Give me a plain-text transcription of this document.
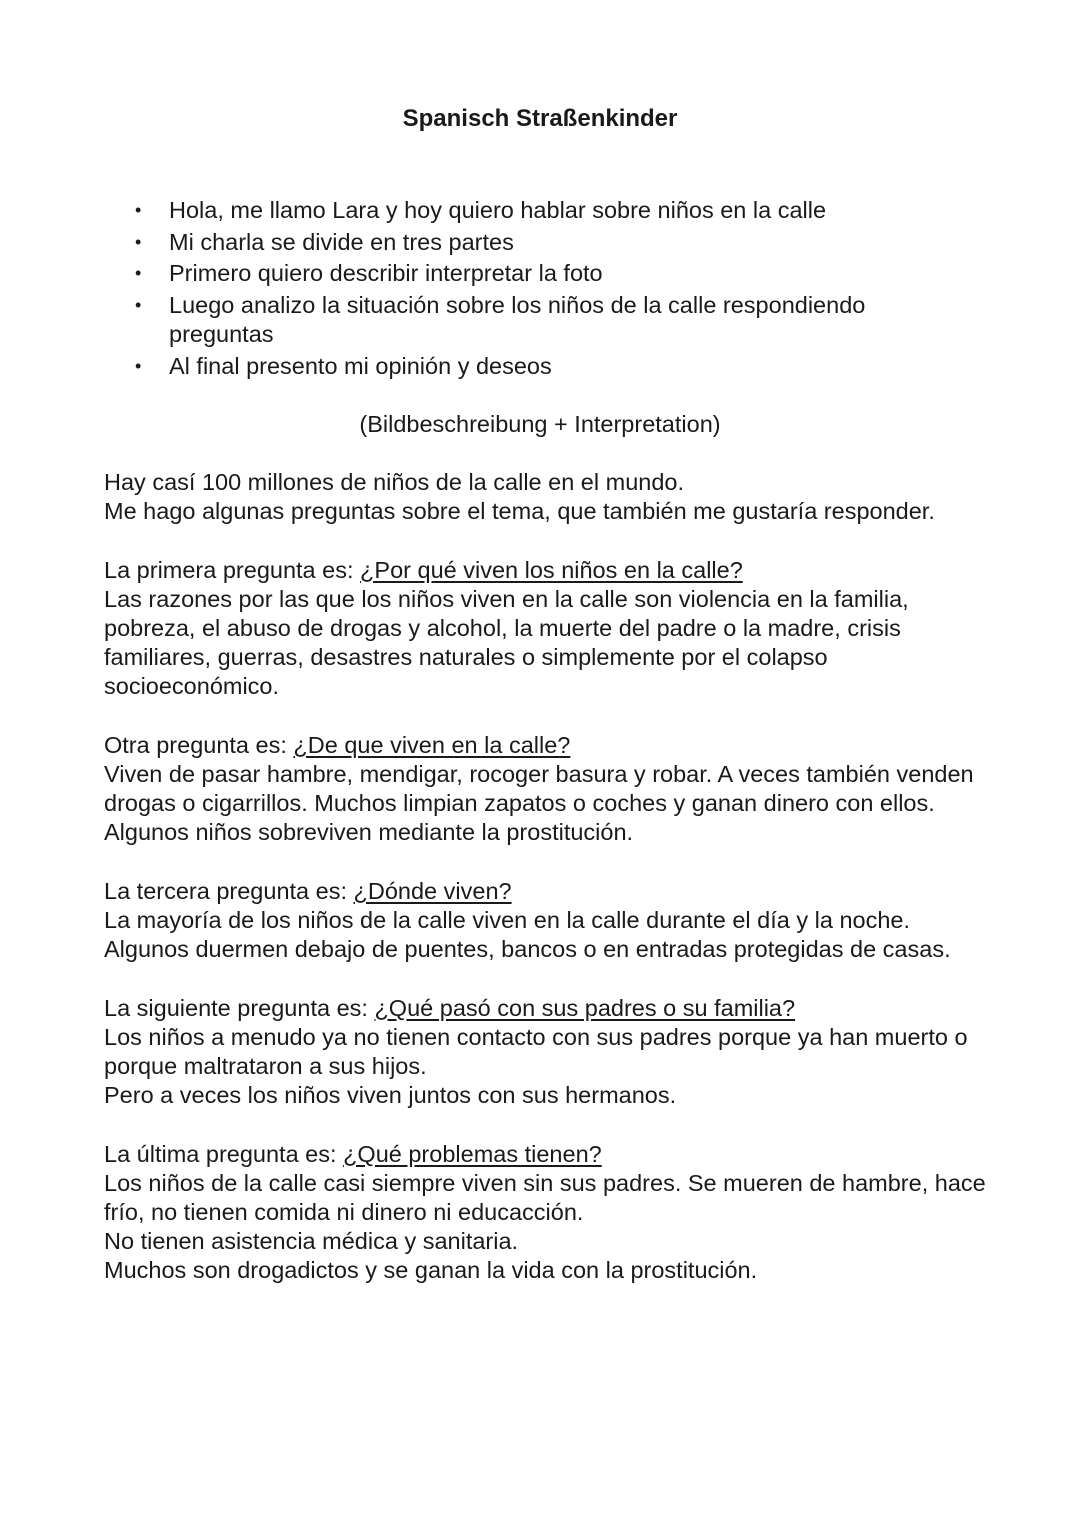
Spanisch Straßenkinder
• Hola, me llamo Lara y hoy quiero hablar sobre niños en la calle
• Mi charla se divide en tres partes
• Primero quiero describir interpretar la foto
• Luego analizo la situación sobre los niños de la calle respondiendo preguntas
• Al final presento mi opinión y deseos
(Bildbeschreibung + Interpretation)

Hay casí 100 millones de niños de la calle en el mundo.
Me hago algunas preguntas sobre el tema, que también me gustaría responder.

La primera pregunta es: ¿Por qué viven los niños en la calle?
Las razones por las que los niños viven en la calle son violencia en la familia, pobreza, el abuso de drogas y alcohol, la muerte del padre o la madre, crisis familiares, guerras, desastres naturales o simplemente por el colapso socioeconómico.

Otra pregunta es: ¿De que viven en la calle?
Viven de pasar hambre, mendigar, rocoger basura y robar. A veces también venden drogas o cigarrillos. Muchos limpian zapatos o coches y ganan dinero con ellos. Algunos niños sobreviven mediante la prostitución.

La tercera pregunta es: ¿Dónde viven?
La mayoría de los niños de la calle viven en la calle durante el día y la noche. Algunos duermen debajo de puentes, bancos o en entradas protegidas de casas.

La siguiente pregunta es: ¿Qué pasó con sus padres o su familia?
Los niños a menudo ya no tienen contacto con sus padres porque ya han muerto o porque maltrataron a sus hijos.
Pero a veces los niños viven juntos con sus hermanos.

La última pregunta es: ¿Qué problemas tienen?
Los niños de la calle casi siempre viven sin sus padres. Se mueren de hambre, hace frío, no tienen comida ni dinero ni educacción.
No tienen asistencia médica y sanitaria.
Muchos son drogadictos y se ganan la vida con la prostitución.
